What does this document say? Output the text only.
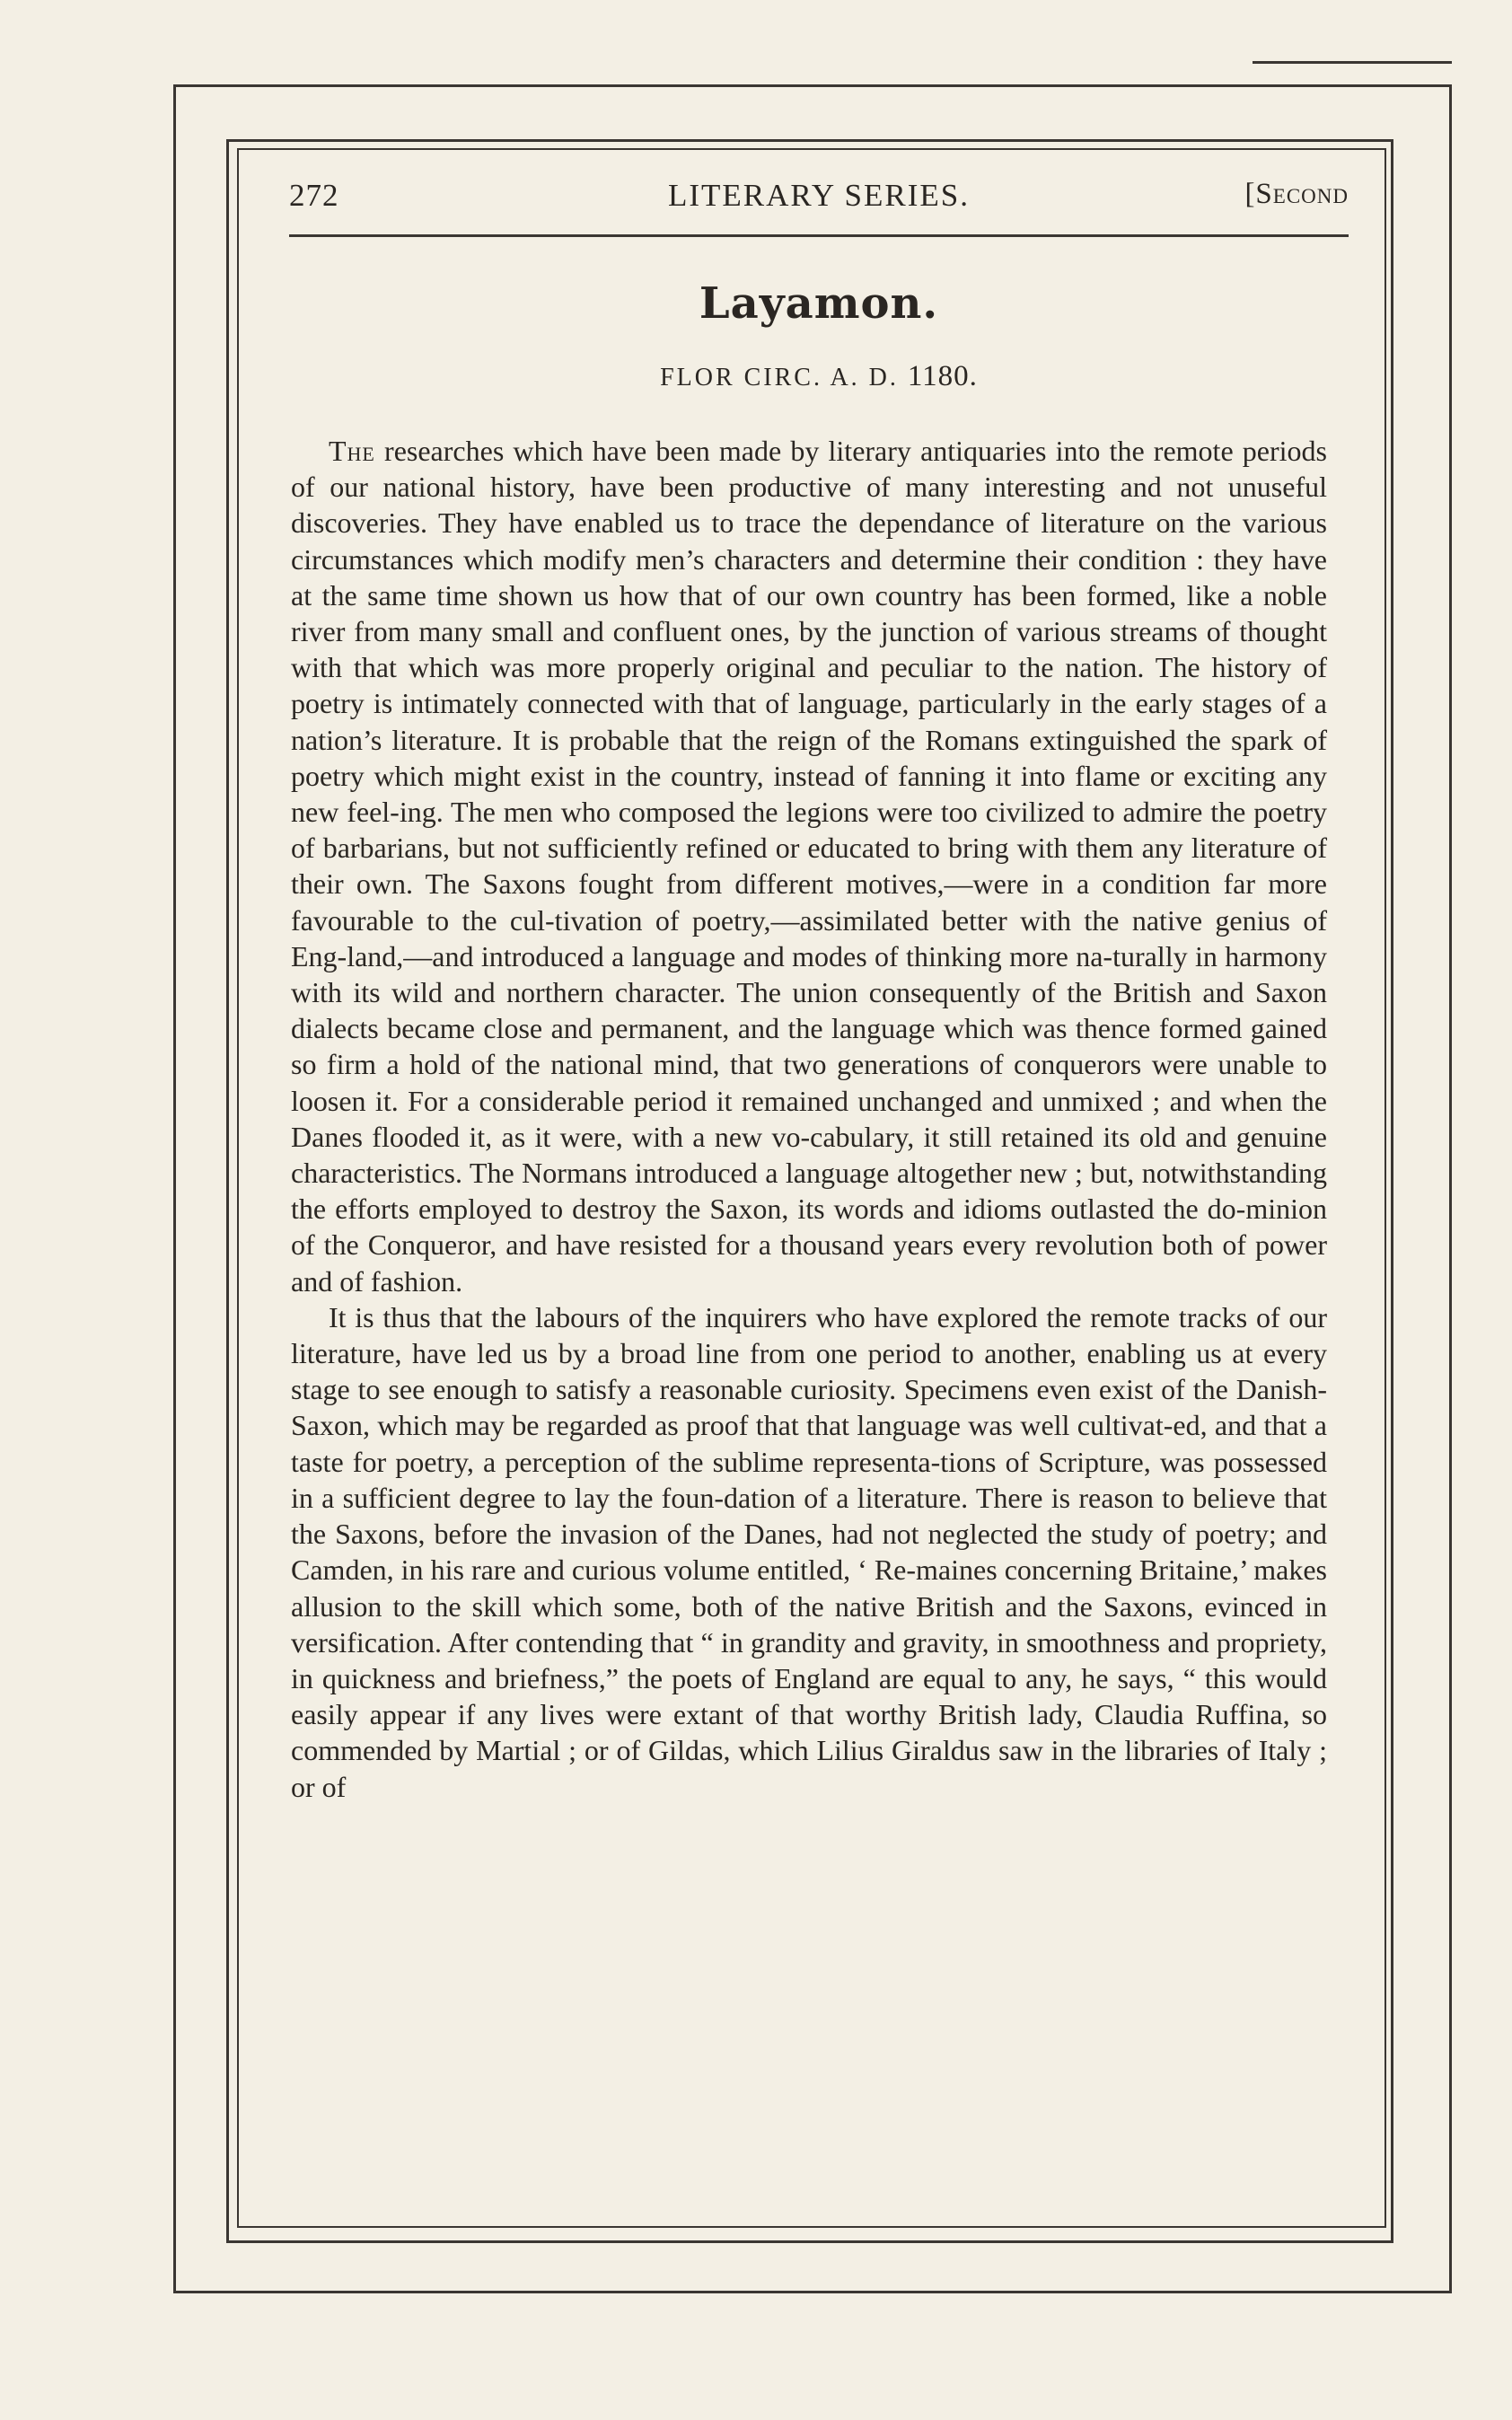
272	LITERARY SERIES.	[Second
Layamon.
FLOR CIRC. A. D. 1180.

The researches which have been made by literary antiquaries into the remote periods of our national history, have been productive of many interesting and not unuseful discoveries. They have enabled us to trace the dependance of literature on the various circumstances which modify men’s characters and determine their condition : they have at the same time shown us how that of our own country has been formed, like a noble river from many small and confluent ones, by the junction of various streams of thought with that which was more properly original and peculiar to the nation. The history of poetry is intimately connected with that of language, particularly in the early stages of a nation’s literature. It is probable that the reign of the Romans extinguished the spark of poetry which might exist in the country, instead of fanning it into flame or exciting any new feel-ing. The men who composed the legions were too civilized to admire the poetry of barbarians, but not sufficiently refined or educated to bring with them any literature of their own. The Saxons fought from different motives,—were in a condition far more favourable to the cul-tivation of poetry,—assimilated better with the native genius of Eng-land,—and introduced a language and modes of thinking more na-turally in harmony with its wild and northern character. The union consequently of the British and Saxon dialects became close and permanent, and the language which was thence formed gained so firm a hold of the national mind, that two generations of conquerors were unable to loosen it. For a considerable period it remained unchanged and unmixed ; and when the Danes flooded it, as it were, with a new vo-cabulary, it still retained its old and genuine characteristics. The Normans introduced a language altogether new ; but, notwithstanding the efforts employed to destroy the Saxon, its words and idioms outlasted the do-minion of the Conqueror, and have resisted for a thousand years every revolution both of power and of fashion.

It is thus that the labours of the inquirers who have explored the remote tracks of our literature, have led us by a broad line from one period to another, enabling us at every stage to see enough to satisfy a reasonable curiosity. Specimens even exist of the Danish-Saxon, which may be regarded as proof that that language was well cultivat-ed, and that a taste for poetry, a perception of the sublime representa-tions of Scripture, was possessed in a sufficient degree to lay the foun-dation of a literature. There is reason to believe that the Saxons, before the invasion of the Danes, had not neglected the study of poetry; and Camden, in his rare and curious volume entitled, ‘ Re-maines concerning Britaine,’ makes allusion to the skill which some, both of the native British and the Saxons, evinced in versification. After contending that “ in grandity and gravity, in smoothness and propriety, in quickness and briefness,” the poets of England are equal to any, he says, “ this would easily appear if any lives were extant of that worthy British lady, Claudia Ruffina, so commended by Martial ; or of Gildas, which Lilius Giraldus saw in the libraries of Italy ; or of
